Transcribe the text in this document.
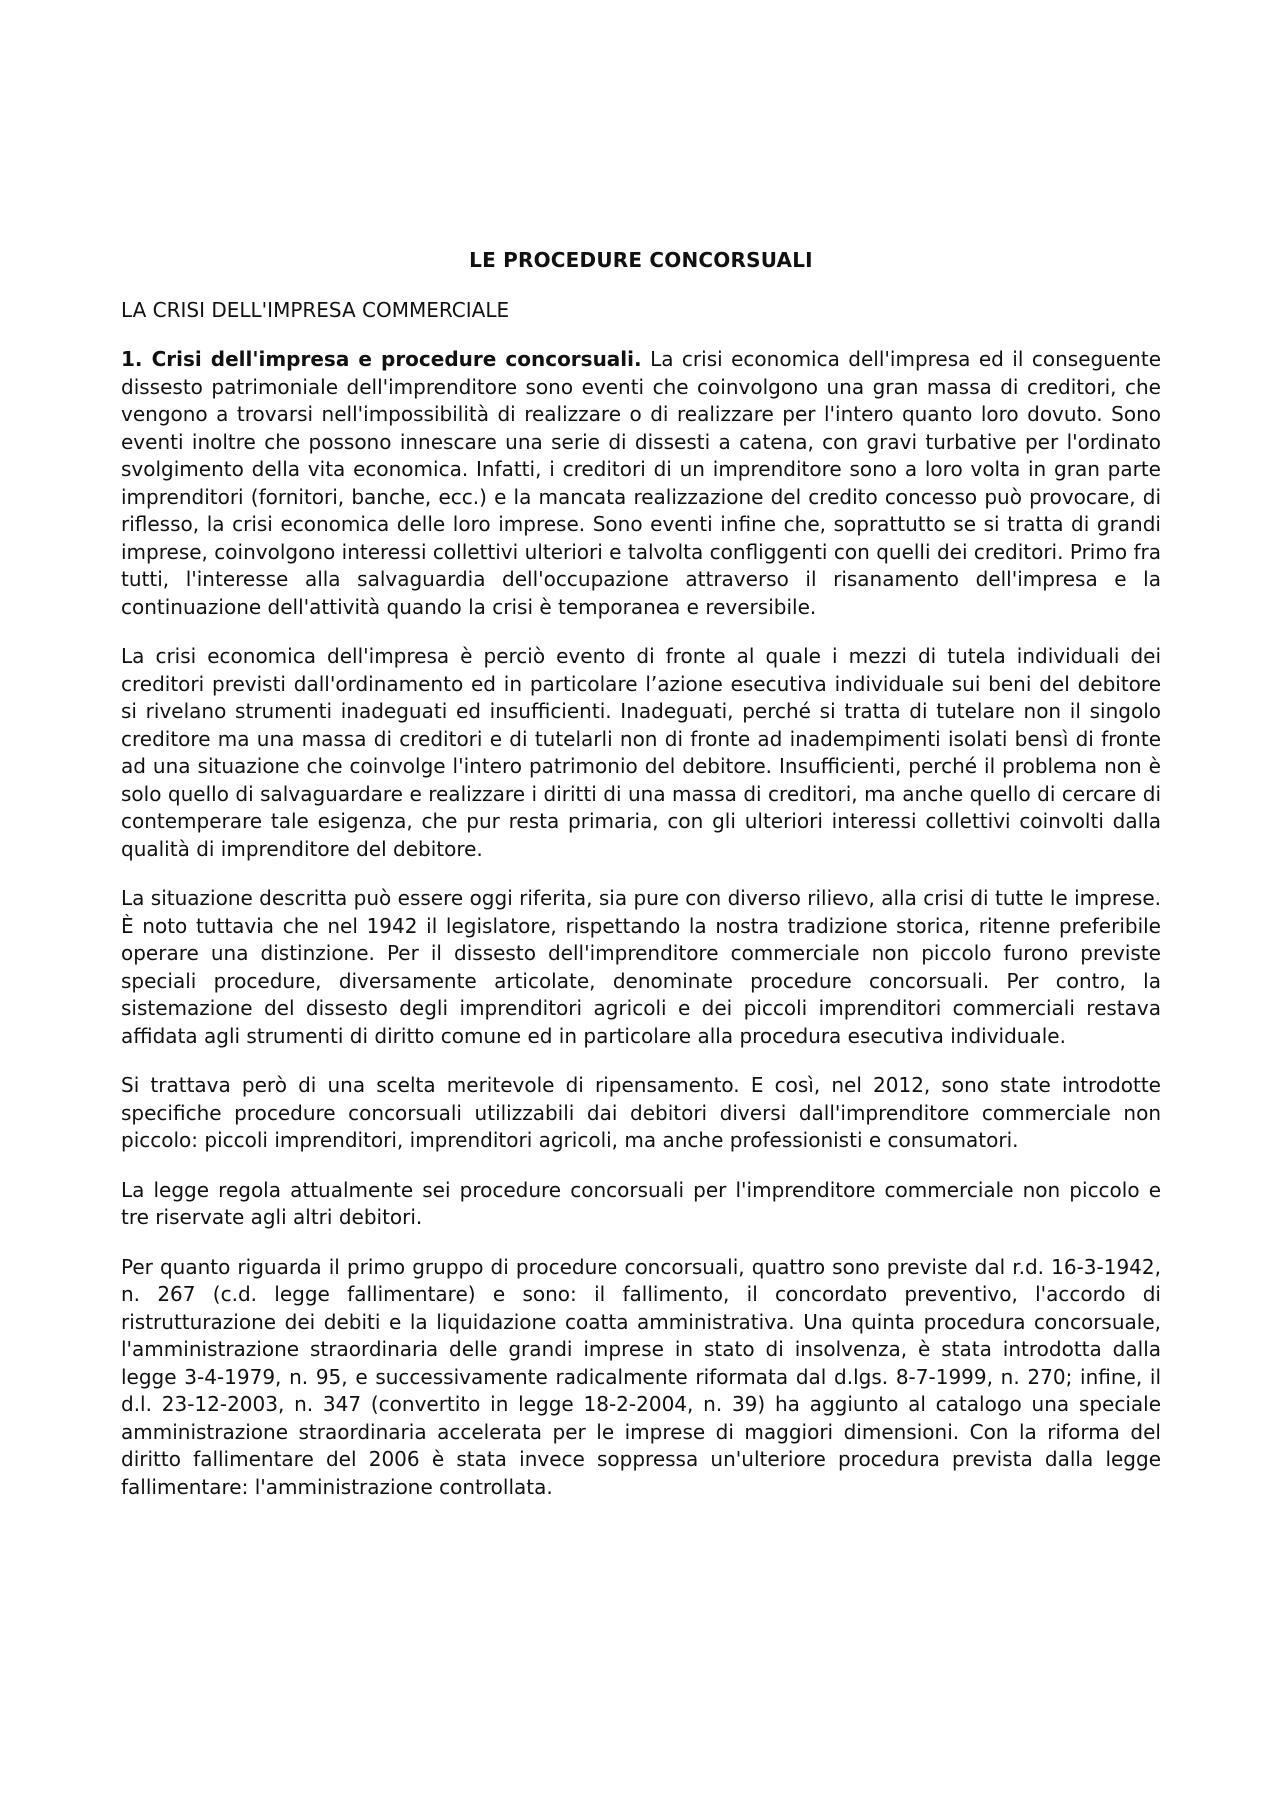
LE PROCEDURE CONCORSUALI
LA CRISI DELL'IMPRESA COMMERCIALE

1. Crisi dell'impresa e procedure concorsuali. La crisi economica dell'impresa ed il conseguente dissesto patrimoniale dell'imprenditore sono eventi che coinvolgono una gran massa di creditori, che vengono a trovarsi nell'impossibilità di realizzare o di realizzare per l'intero quanto loro dovuto. Sono eventi inoltre che possono innescare una serie di dissesti a catena, con gravi turbative per l'ordinato svolgimento della vita economica. Infatti, i creditori di un imprenditore sono a loro volta in gran parte imprenditori (fornitori, banche, ecc.) e la mancata realizzazione del credito concesso può provocare, di riflesso, la crisi economica delle loro imprese. Sono eventi infine che, soprattutto se si tratta di grandi imprese, coinvolgono interessi collettivi ulteriori e talvolta confliggenti con quelli dei creditori. Primo fra tutti, l'interesse alla salvaguardia dell'occupazione attraverso il risanamento dell'impresa e la continuazione dell'attività quando la crisi è temporanea e reversibile.

La crisi economica dell'impresa è perciò evento di fronte al quale i mezzi di tutela individuali dei creditori previsti dall'ordinamento ed in particolare l’azione esecutiva individuale sui beni del debitore si rivelano strumenti inadeguati ed insufficienti. Inadeguati, perché si tratta di tutelare non il singolo creditore ma una massa di creditori e di tutelarli non di fronte ad inadempimenti isolati bensì di fronte ad una situazione che coinvolge l'intero patrimonio del debitore. Insufficienti, perché il problema non è solo quello di salvaguardare e realizzare i diritti di una massa di creditori, ma anche quello di cercare di contemperare tale esigenza, che pur resta primaria, con gli ulteriori interessi collettivi coinvolti dalla qualità di imprenditore del debitore.

La situazione descritta può essere oggi riferita, sia pure con diverso rilievo, alla crisi di tutte le imprese. È noto tuttavia che nel 1942 il legislatore, rispettando la nostra tradizione storica, ritenne preferibile operare una distinzione. Per il dissesto dell'imprenditore commerciale non piccolo furono previste speciali procedure, diversamente articolate, denominate procedure concorsuali. Per contro, la sistemazione del dissesto degli imprenditori agricoli e dei piccoli imprenditori commerciali restava affidata agli strumenti di diritto comune ed in particolare alla procedura esecutiva individuale.

Si trattava però di una scelta meritevole di ripensamento. E così, nel 2012, sono state introdotte specifiche procedure concorsuali utilizzabili dai debitori diversi dall'imprenditore commerciale non piccolo: piccoli imprenditori, imprenditori agricoli, ma anche professionisti e consumatori.

La legge regola attualmente sei procedure concorsuali per l'imprenditore commerciale non piccolo e tre riservate agli altri debitori.

Per quanto riguarda il primo gruppo di procedure concorsuali, quattro sono previste dal r.d. 16-3-1942, n. 267 (c.d. legge fallimentare) e sono: il fallimento, il concordato preventivo, l'accordo di ristrutturazione dei debiti e la liquidazione coatta amministrativa. Una quinta procedura concorsuale, l'amministrazione straordinaria delle grandi imprese in stato di insolvenza, è stata introdotta dalla legge 3-4-1979, n. 95, e successivamente radicalmente riformata dal d.lgs. 8-7-1999, n. 270; infine, il d.l. 23-12-2003, n. 347 (convertito in legge 18-2-2004, n. 39) ha aggiunto al catalogo una speciale amministrazione straordinaria accelerata per le imprese di maggiori dimensioni. Con la riforma del diritto fallimentare del 2006 è stata invece soppressa un'ulteriore procedura prevista dalla legge fallimentare: l'amministrazione controllata.
